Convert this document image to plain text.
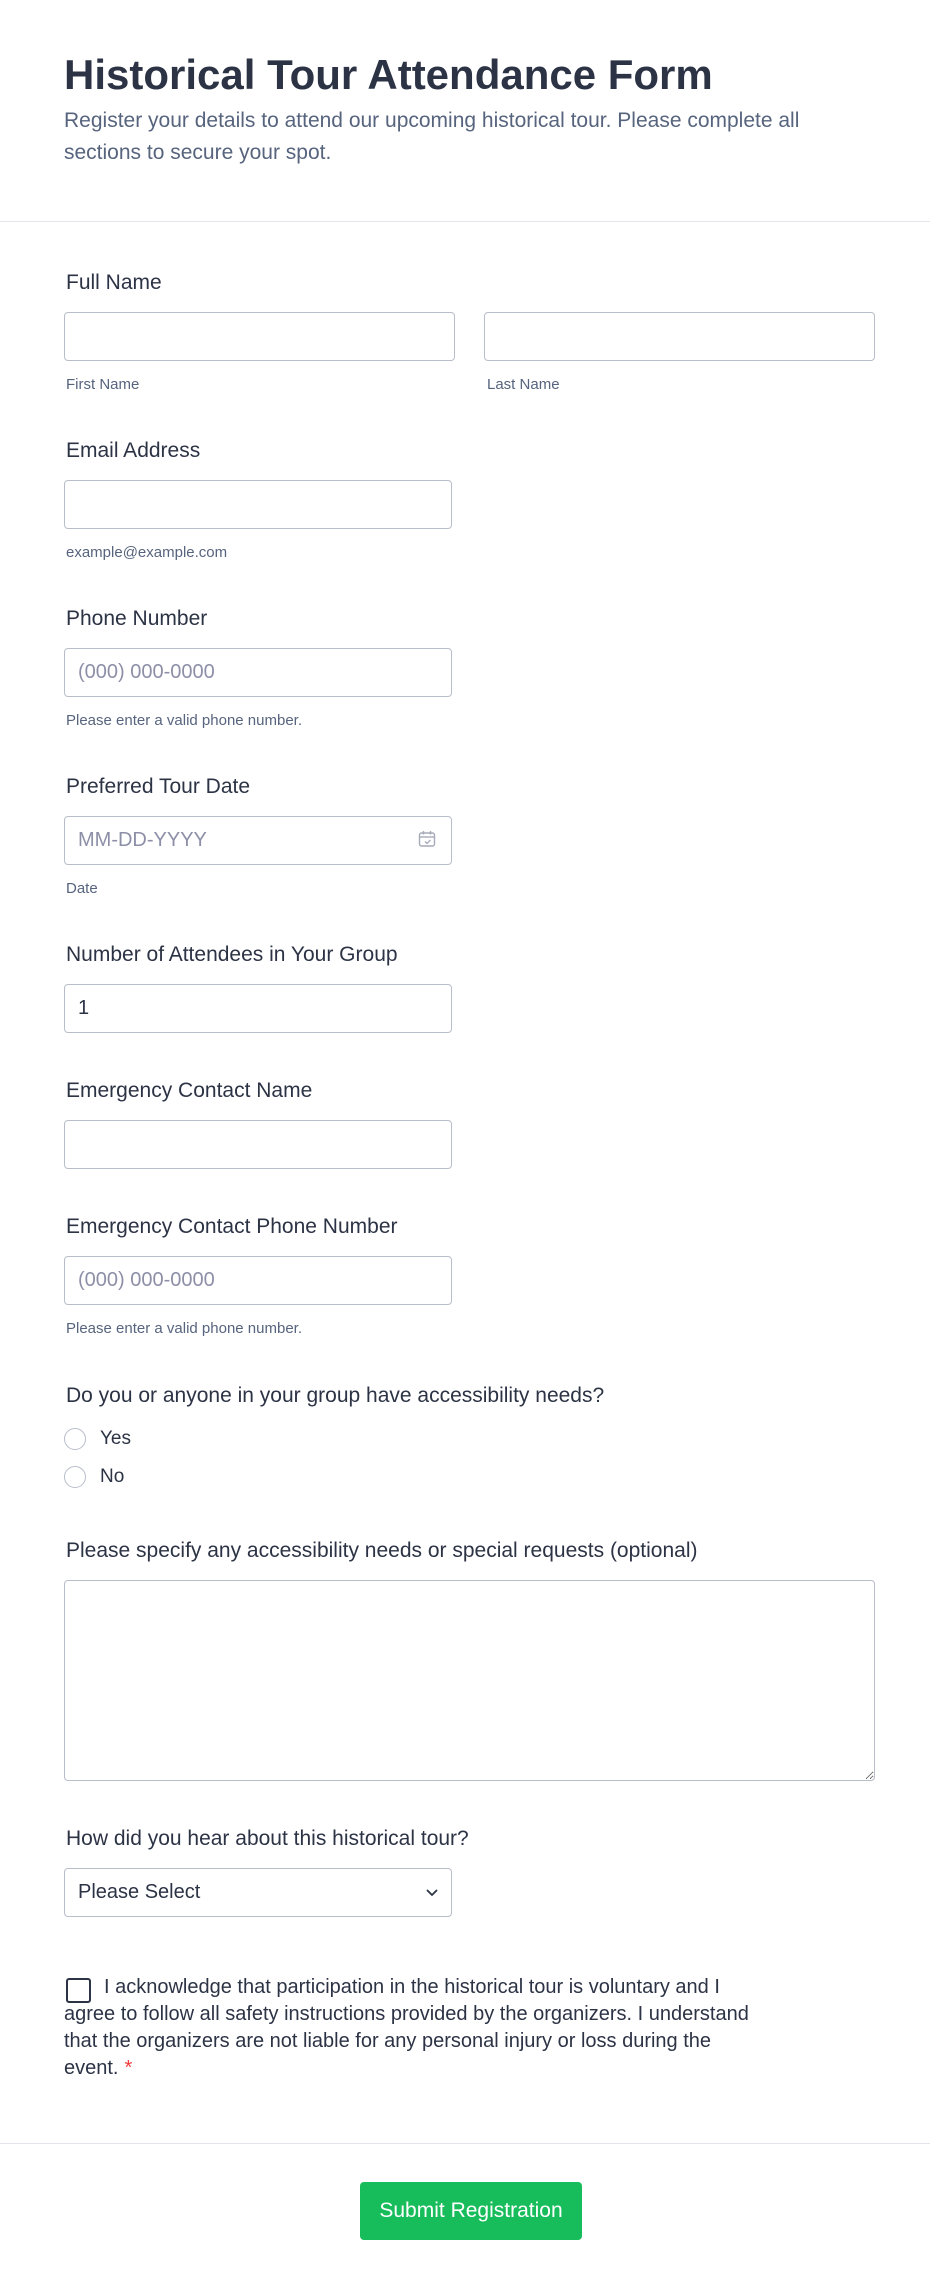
Historical Tour Attendance Form

Register your details to attend our upcoming historical tour. Please complete all sections to secure your spot.

Full Name
First Name	Last Name
Email Address
example@example.com
Phone Number
(000) 000-0000
Please enter a valid phone number.
Preferred Tour Date
MM-DD-YYYY
Date
Number of Attendees in Your Group
1
Emergency Contact Name
Emergency Contact Phone Number
(000) 000-0000
Please enter a valid phone number.
Do you or anyone in your group have accessibility needs?
Yes
No
Please specify any accessibility needs or special requests (optional)
How did you hear about this historical tour?
Please Select

I acknowledge that participation in the historical tour is voluntary and I agree to follow all safety instructions provided by the organizers. I understand that the organizers are not liable for any personal injury or loss during the event. *

Submit Registration
